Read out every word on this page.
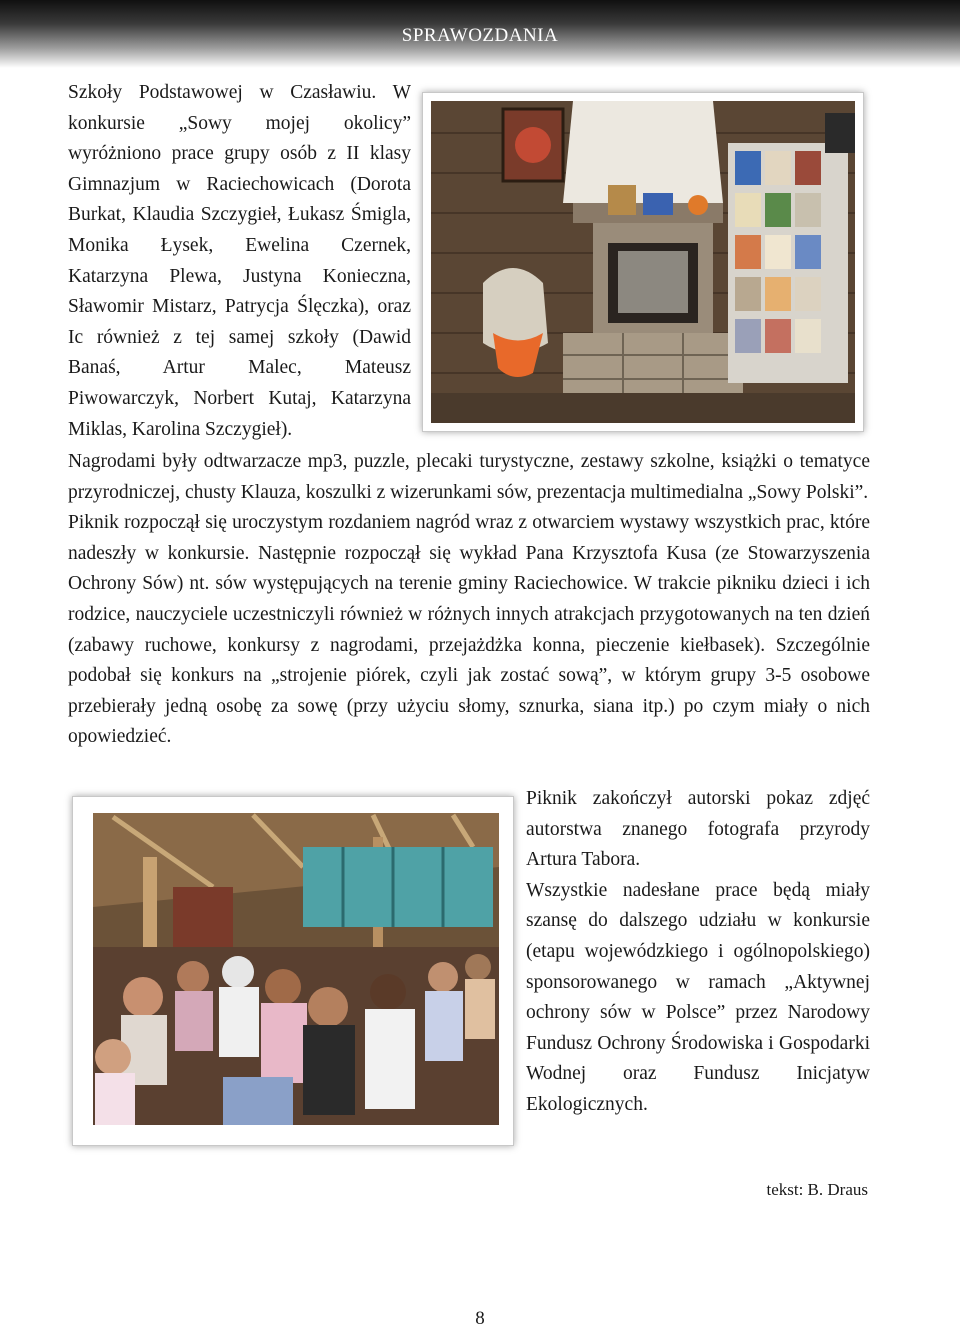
SPRAWOZDANIA

Szkoły Podstawowej w Czasławiu. W konkursie „Sowy mojej okolicy” wyróżniono prace grupy osób z II klasy Gimnazjum w Raciechowicach (Dorota Burkat, Klaudia Szczygieł, Łukasz Śmigla, Monika Łysek, Ewelina Czernek, Katarzyna Plewa, Justyna Konieczna, Sławomir Mistarz, Patrycja Ślęczka), oraz Ic również z tej samej szkoły (Dawid Banaś, Artur Malec, Mateusz Piwowarczyk, Norbert Kutaj, Katarzyna Miklas, Karolina Szczygieł).

Nagrodami były odtwarzacze mp3, puzzle, plecaki turystyczne, zestawy szkolne, książki o tematyce przyrodniczej, chusty Klauza, koszulki z wizerunkami sów, prezentacja multimedialna „Sowy Polski”.

Piknik rozpoczął się uroczystym rozdaniem nagród wraz z otwarciem wystawy wszystkich prac, które nadeszły w konkursie. Następnie rozpoczął się wykład Pana Krzysztofa Kusa (ze Stowarzyszenia Ochrony Sów) nt. sów występujących na terenie gminy Raciechowice. W trakcie pikniku dzieci i ich rodzice, nauczyciele uczestniczyli również w różnych innych atrakcjach przygotowanych na ten dzień (zabawy ruchowe, konkursy z nagrodami, przejażdżka konna, pieczenie kiełbasek). Szczególnie podobał się konkurs na „strojenie piórek, czyli jak zostać sową”, w którym grupy 3-5 osobowe przebierały jedną osobę za sowę (przy użyciu słomy, sznurka, siana itp.) po czym miały o nich opowiedzieć.

Piknik zakończył autorski pokaz zdjęć autorstwa znanego fotografa przyrody Artura Tabora.

Wszystkie nadesłane prace będą miały szansę do dalszego udziału w konkursie (etapu wojewódzkiego i ogólnopolskiego) sponsorowanego w ramach „Aktywnej ochrony sów w Polsce” przez Narodowy Fundusz Ochrony Środowiska i Gospodarki Wodnej oraz Fundusz Inicjatyw Ekologicznych.

tekst: B. Draus
8
